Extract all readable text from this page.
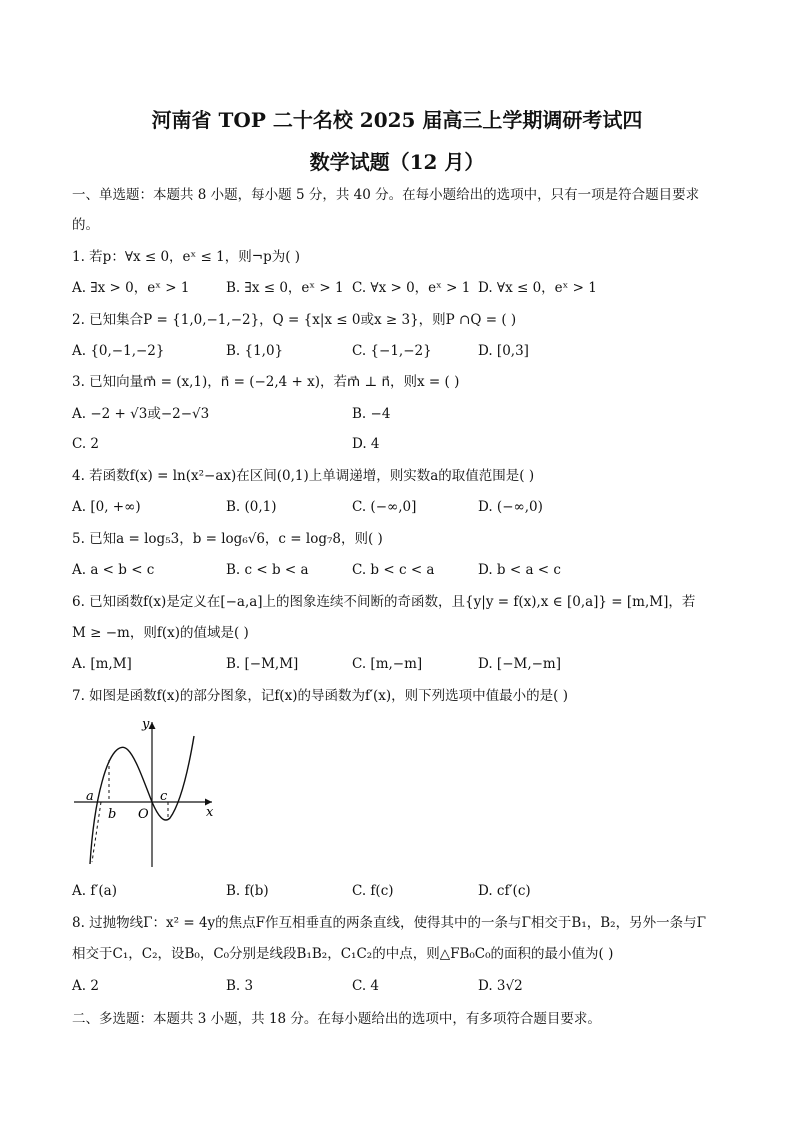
河南省 TOP 二十名校 2025 届高三上学期调研考试四
数学试题（12 月）
一、单选题：本题共 8 小题，每小题 5 分，共 40 分。在每小题给出的选项中，只有一项是符合题目要求
的。
1. 若p：∀x ≤ 0，eˣ ≤ 1，则¬p为( )
A. ∃x > 0，eˣ > 1	B. ∃x ≤ 0，eˣ > 1 C. ∀x > 0，eˣ > 1 D. ∀x ≤ 0，eˣ > 1
2. 已知集合P = {1,0,−1,−2}，Q = {x|x ≤ 0或x ≥ 3}，则P ∩Q = ( )
A. {0,−1,−2}	B. {1,0}	C. {−1,−2}	D. [0,3]
3. 已知向量m⃗ = (x,1)，n⃗ = (−2,4 + x)，若m⃗ ⊥ n⃗，则x = ( )
A. −2 + √3或−2−√3	B. −4
C. 2	D. 4
4. 若函数f(x) = ln(x²−ax)在区间(0,1)上单调递增，则实数a的取值范围是( )
A. [0, +∞)	B. (0,1)	C. (−∞,0]	D. (−∞,0)
5. 已知a = log₅3，b = log₆√6，c = log₇8，则( )
A. a < b < c	B. c < b < a	C. b < c < a	D. b < a < c
6. 已知函数f(x)是定义在[−a,a]上的图象连续不间断的奇函数，且{y|y = f(x),x ∈ [0,a]} = [m,M]，若
M ≥ −m，则f(x)的值域是( )
A. [m,M]	B. [−M,M]	C. [m,−m]	D. [−M,−m]
7. 如图是函数f(x)的部分图象，记f(x)的导函数为f′(x)，则下列选项中值最小的是( )
y
x
a
b
c
O
A. f′(a)	B. f(b)	C. f(c)	D. cf′(c)
8. 过抛物线Γ：x² = 4y的焦点F作互相垂直的两条直线，使得其中的一条与Γ相交于B₁，B₂，另外一条与Γ
相交于C₁，C₂，设B₀，C₀分别是线段B₁B₂，C₁C₂的中点，则△FB₀C₀的面积的最小值为( )
A. 2	B. 3	C. 4	D. 3√2
二、多选题：本题共 3 小题，共 18 分。在每小题给出的选项中，有多项符合题目要求。
